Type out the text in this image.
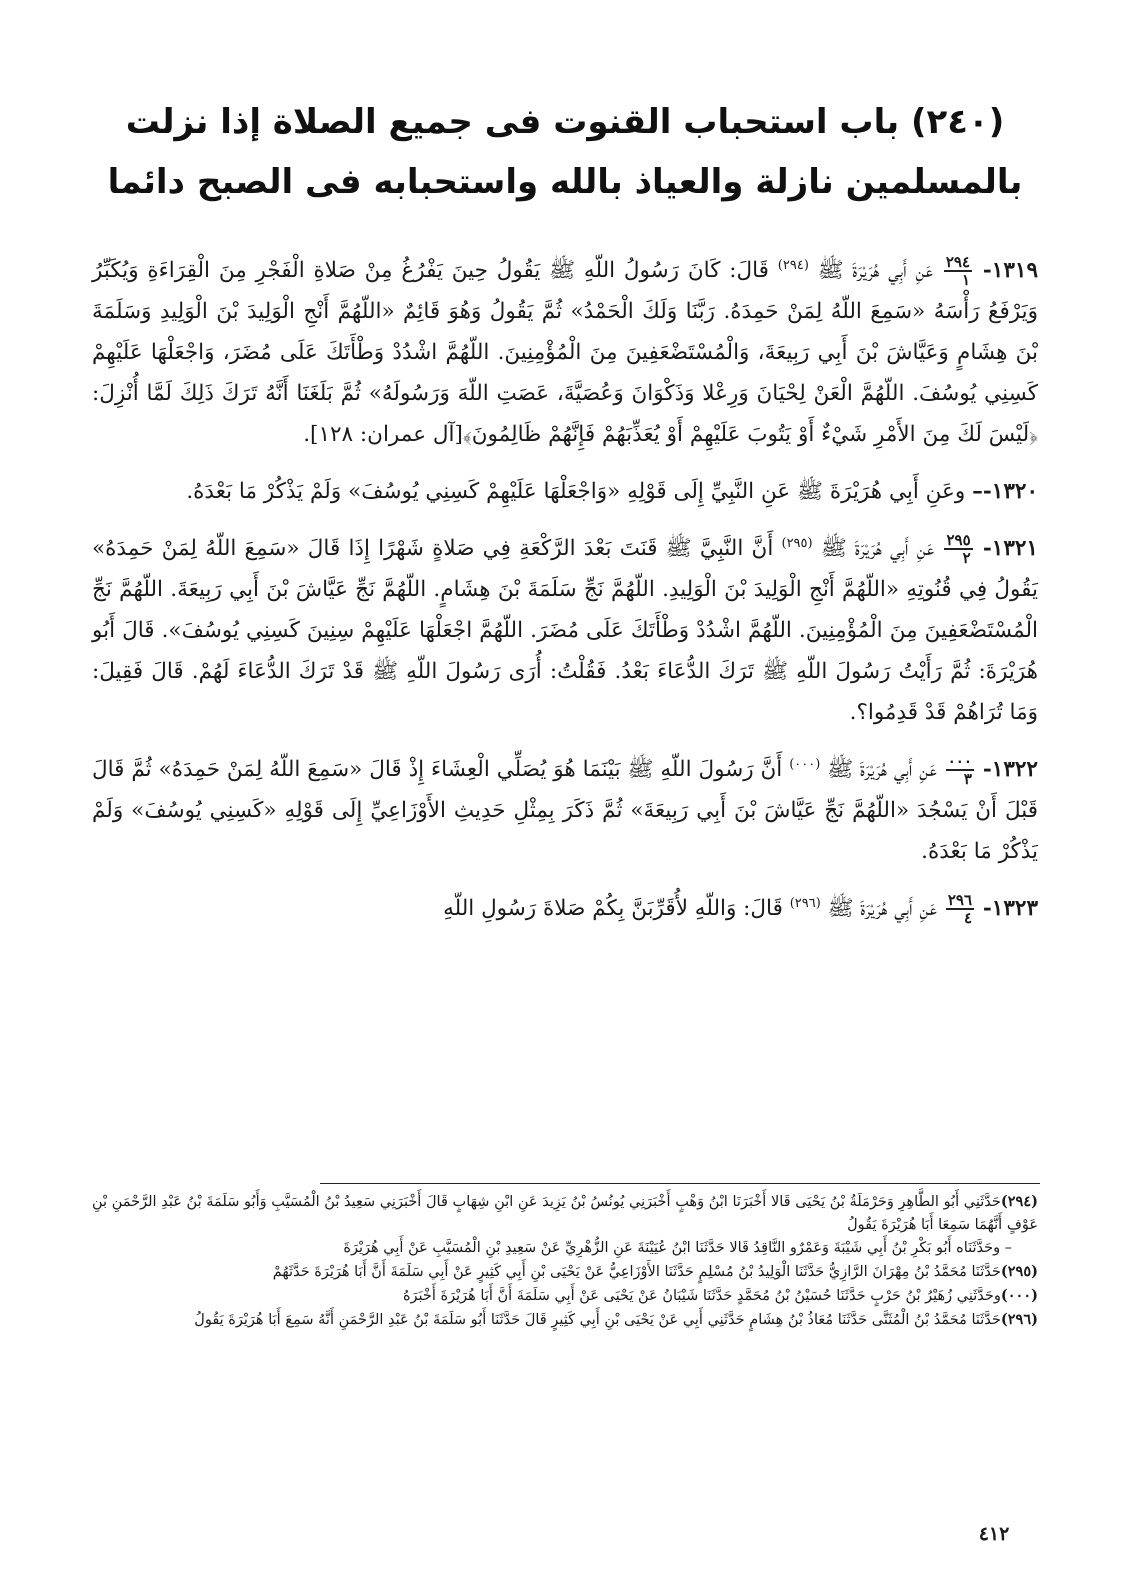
(٢٤٠) باب استحباب القنوت فى جميع الصلاة إذا نزلت
بالمسلمين نازلة والعياذ بالله واستحبابه فى الصبح دائما

١٣١٩-
٢٩٤
١
عَنِ أَبِي هُرَيْرَةَ ﷺ $^{(٢٩٤)}$ قَالَ: كَانَ رَسُولُ اللّهِ ﷺ يَقُولُ حِينَ يَفْرُغُ مِنْ صَلاةِ الْفَجْرِ مِنَ الْقِرَاءَةِ وَيُكَبِّرُ وَيَرْفَعُ رَأْسَهُ «سَمِعَ اللّهُ لِمَنْ حَمِدَهُ. رَبَّنَا وَلَكَ الْحَمْدُ» ثُمَّ يَقُولُ وَهُوَ قَائِمٌ «اللّهُمَّ أَنْجِ الْوَلِيدَ بْنَ الْوَلِيدِ وَسَلَمَةَ بْنَ هِشَامٍ وَعَيَّاشَ بْنَ أَبِي رَبِيعَةَ، وَالْمُسْتَضْعَفِينَ مِنَ الْمُؤْمِنِينَ. اللّهُمَّ اشْدُدْ وَطْأَتَكَ عَلَى مُضَرَ، وَاجْعَلْهَا عَلَيْهِمْ كَسِنِي يُوسُفَ. اللّهُمَّ الْعَنْ لِحْيَانَ وَرِعْلا وَذَكْوَانَ وَعُصَيَّةَ، عَصَتِ اللّهَ وَرَسُولَهُ» ثُمَّ بَلَغَنَا أَنَّهُ تَرَكَ ذَلِكَ لَمَّا أُنْزِلَ: ﴿لَيْسَ لَكَ مِنَ الأَمْرِ شَيْءٌ أَوْ يَتُوبَ عَلَيْهِمْ أَوْ يُعَذِّبَهُمْ فَإِنَّهُمْ ظَالِمُونَ﴾[آل عمران: ١٢٨].

١٣٢٠-– وعَنِ أَبِي هُرَيْرَةَ ﷺ عَنِ النَّبِيِّ إِلَى قَوْلِهِ «وَاجْعَلْهَا عَلَيْهِمْ كَسِنِي يُوسُفَ» وَلَمْ يَذْكُرْ مَا بَعْدَهُ.

١٣٢١-
٢٩٥
٢
عَنِ أَبِي هُرَيْرَةَ ﷺ $^{(٢٩٥)}$ أَنَّ النَّبِيَّ ﷺ قَنَتَ بَعْدَ الرَّكْعَةِ فِي صَلاةٍ شَهْرًا إِذَا قَالَ «سَمِعَ اللّهُ لِمَنْ حَمِدَهُ» يَقُولُ فِي قُنُوتِهِ «اللّهُمَّ أَنْجِ الْوَلِيدَ بْنَ الْوَلِيدِ. اللّهُمَّ نَجِّ سَلَمَةَ بْنَ هِشَامٍ. اللّهُمَّ نَجِّ عَيَّاشَ بْنَ أَبِي رَبِيعَةَ. اللّهُمَّ نَجِّ الْمُسْتَضْعَفِينَ مِنَ الْمُؤْمِنِينَ. اللّهُمَّ اشْدُدْ وَطْأَتَكَ عَلَى مُضَرَ. اللّهُمَّ اجْعَلْهَا عَلَيْهِمْ سِنِينَ كَسِنِي يُوسُفَ». قَالَ أَبُو هُرَيْرَةَ: ثُمَّ رَأَيْتُ رَسُولَ اللّهِ ﷺ تَرَكَ الدُّعَاءَ بَعْدُ. فَقُلْتُ: أُرَى رَسُولَ اللّهِ ﷺ قَدْ تَرَكَ الدُّعَاءَ لَهُمْ. قَالَ فَقِيلَ: وَمَا تُرَاهُمْ قَدْ قَدِمُوا؟.

١٣٢٢-
٠٠٠
٣
عَنِ أَبِي هُرَيْرَةَ ﷺ $^{(٠٠٠)}$ أَنَّ رَسُولَ اللّهِ ﷺ بَيْنَمَا هُوَ يُصَلِّي الْعِشَاءَ إِذْ قَالَ «سَمِعَ اللّهُ لِمَنْ حَمِدَهُ» ثُمَّ قَالَ قَبْلَ أَنْ يَسْجُدَ «اللّهُمَّ نَجِّ عَيَّاشَ بْنَ أَبِي رَبِيعَةَ» ثُمَّ ذَكَرَ بِمِثْلِ حَدِيثِ الأَوْزَاعِيِّ إِلَى قَوْلِهِ «كَسِنِي يُوسُفَ» وَلَمْ يَذْكُرْ مَا بَعْدَهُ.

١٣٢٣-
٢٩٦
٤
عَنِ أَبِي هُرَيْرَةَ ﷺ $^{(٢٩٦)}$ قَالَ: وَاللّهِ لأُقَرِّبَنَّ بِكُمْ صَلاةَ رَسُولِ اللّهِ

(٢٩٤)حَدَّثَنِي أَبُو الطَّاهِرِ وَحَرْمَلَةُ بْنُ يَحْيَى قَالا أَخْبَرَنَا ابْنُ وَهْبٍ أَخْبَرَنِي يُونُسُ بْنُ يَزِيدَ عَنِ ابْنِ شِهَابٍ قَالَ أَخْبَرَنِي سَعِيدُ بْنُ الْمُسَيَّبِ وَأَبُو سَلَمَةَ بْنُ عَبْدِ الرَّحْمَنِ بْنِ عَوْفٍ أَنَّهُمَا سَمِعَا أَبَا هُرَيْرَةَ يَقُولُ

– وحَدَّثَنَاه أَبُو بَكْرِ بْنُ أَبِي شَيْبَةَ وَعَمْرٌو النَّاقِدُ قَالا حَدَّثَنَا ابْنُ عُيَيْنَةَ عَنِ الزُّهْرِيِّ عَنْ سَعِيدِ بْنِ الْمُسَيَّبِ عَنْ أَبِي هُرَيْرَةَ

(٢٩٥)حَدَّثَنَا مُحَمَّدُ بْنُ مِهْرَانَ الرَّازِيُّ حَدَّثَنَا الْوَلِيدُ بْنُ مُسْلِمٍ حَدَّثَنَا الأَوْزَاعِيُّ عَنْ يَحْيَى بْنِ أَبِي كَثِيرٍ عَنْ أَبِي سَلَمَةَ أَنَّ أَبَا هُرَيْرَةَ حَدَّثَهُمْ

(٠٠٠)وحَدَّثَنِي زُهَيْرُ بْنُ حَرْبٍ حَدَّثَنَا حُسَيْنُ بْنُ مُحَمَّدٍ حَدَّثَنَا شَيْبَانُ عَنْ يَحْيَى عَنْ أَبِي سَلَمَةَ أَنَّ أَبَا هُرَيْرَةَ أَخْبَرَهُ

(٢٩٦)حَدَّثَنَا مُحَمَّدُ بْنُ الْمُثَنَّى حَدَّثَنَا مُعَاذُ بْنُ هِشَامٍ حَدَّثَنِي أَبِي عَنْ يَحْيَى بْنِ أَبِي كَثِيرٍ قَالَ حَدَّثَنَا أَبُو سَلَمَةَ بْنُ عَبْدِ الرَّحْمَنِ أَنَّهُ سَمِعَ أَبَا هُرَيْرَةَ يَقُولُ

٤١٢
